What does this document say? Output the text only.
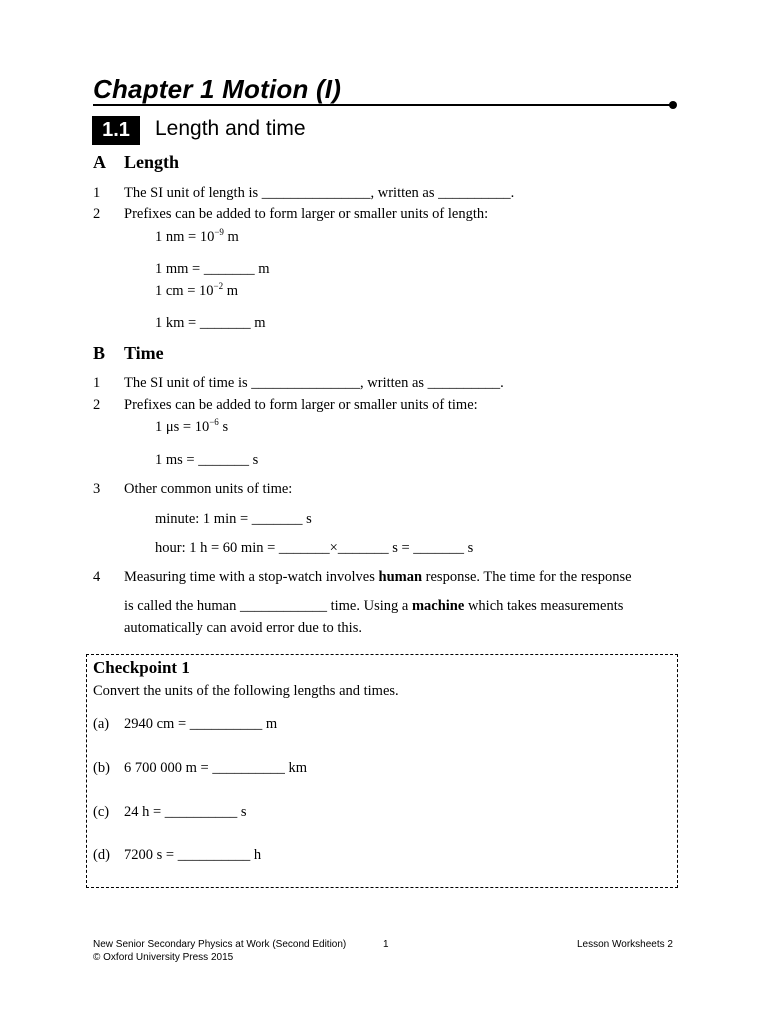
Chapter 1 Motion (I)
1.1	Length and time
A Length
1 The SI unit of length is _______________, written as __________.
2 Prefixes can be added to form larger or smaller units of length:
1 nm = $10^{-9}$ m
1 mm = _______ m
1 cm = $10^{-2}$ m
1 km = _______ m
B Time
1 The SI unit of time is _______________, written as __________.
2 Prefixes can be added to form larger or smaller units of time:
1 $\mu s = 10^{-6}$ s
1 ms = _______ s
3 Other common units of time:
minute: 1 min = _______ s
hour: 1 h = 60 min = _______×_______ s = _______ s
4 Measuring time with a stop-watch involves human response. The time for the response
is called the human ____________ time. Using a machine which takes measurements
automatically can avoid error due to this.
Checkpoint 1
Convert the units of the following lengths and times.
(a) 2940 cm = __________ m
(b) 6 700 000 m = __________ km
(c) 24 h = __________ s
(d) 7200 s = __________ h
New Senior Secondary Physics at Work (Second Edition)
© Oxford University Press 2015
1	Lesson Worksheets 2
